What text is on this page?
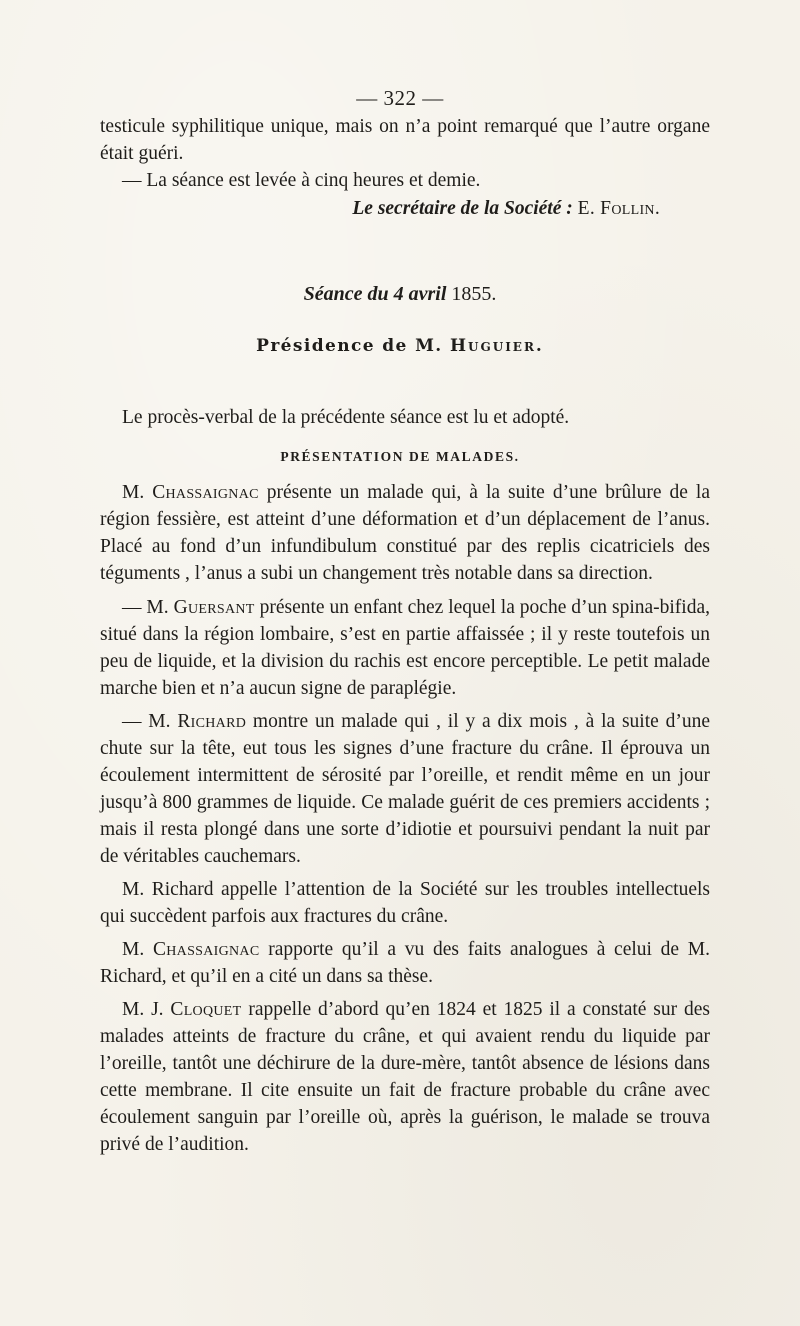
— 322 —

testicule syphilitique unique, mais on n’a point remarqué que l’autre organe était guéri.

— La séance est levée à cinq heures et demie.

Le secrétaire de la Société : E. Follin.
Séance du 4 avril 1855.
Présidence de M. Huguier.

Le procès-verbal de la précédente séance est lu et adopté.

PRÉSENTATION DE MALADES.

M. Chassaignac présente un malade qui, à la suite d’une brûlure de la région fessière, est atteint d’une déformation et d’un déplacement de l’anus. Placé au fond d’un infundibulum constitué par des replis cicatriciels des téguments , l’anus a subi un changement très notable dans sa direction.

— M. Guersant présente un enfant chez lequel la poche d’un spina-bifida, situé dans la région lombaire, s’est en partie affaissée ; il y reste toutefois un peu de liquide, et la division du rachis est encore perceptible. Le petit malade marche bien et n’a aucun signe de paraplégie.

— M. Richard montre un malade qui , il y a dix mois , à la suite d’une chute sur la tête, eut tous les signes d’une fracture du crâne. Il éprouva un écoulement intermittent de sérosité par l’oreille, et rendit même en un jour jusqu’à 800 grammes de liquide. Ce malade guérit de ces premiers accidents ; mais il resta plongé dans une sorte d’idiotie et poursuivi pendant la nuit par de véritables cauchemars.

M. Richard appelle l’attention de la Société sur les troubles intellectuels qui succèdent parfois aux fractures du crâne.

M. Chassaignac rapporte qu’il a vu des faits analogues à celui de M. Richard, et qu’il en a cité un dans sa thèse.

M. J. Cloquet rappelle d’abord qu’en 1824 et 1825 il a constaté sur des malades atteints de fracture du crâne, et qui avaient rendu du liquide par l’oreille, tantôt une déchirure de la dure-mère, tantôt absence de lésions dans cette membrane. Il cite ensuite un fait de fracture probable du crâne avec écoulement sanguin par l’oreille où, après la guérison, le malade se trouva privé de l’audition.
